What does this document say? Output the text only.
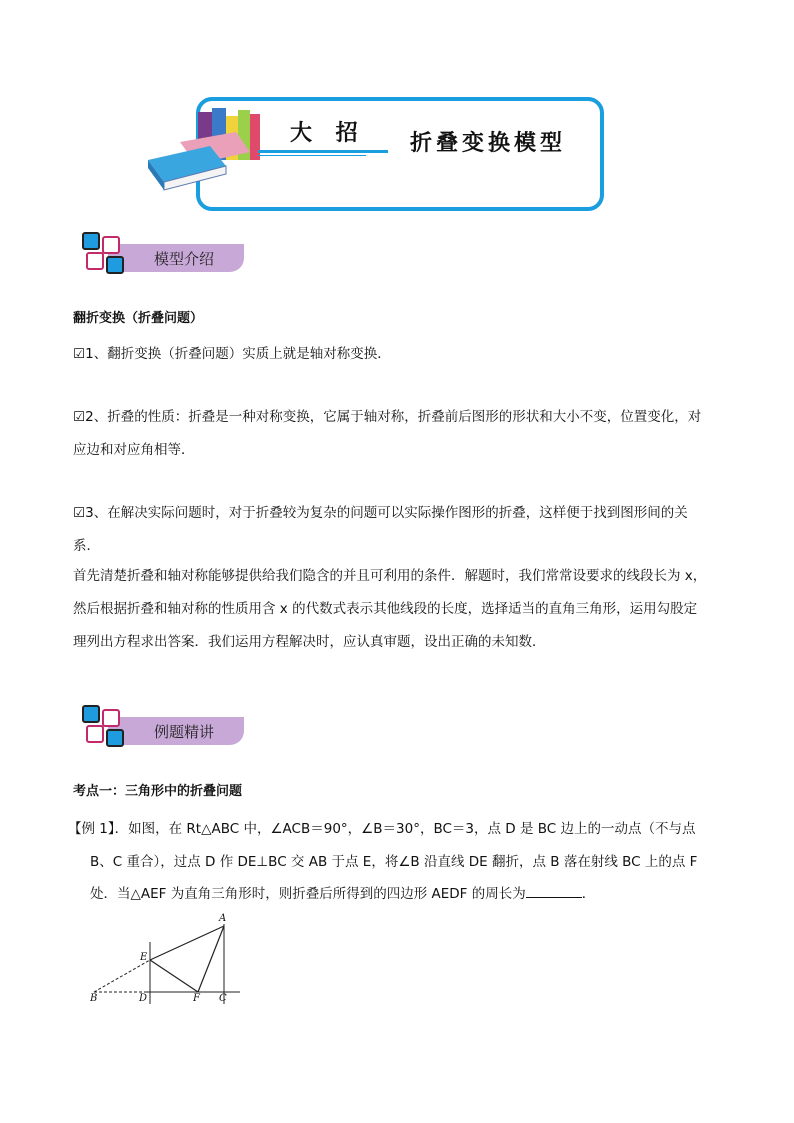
大 招 折叠变换模型
模型介绍
翻折变换（折叠问题）
☑1、翻折变换（折叠问题）实质上就是轴对称变换．
☑2、折叠的性质：折叠是一种对称变换，它属于轴对称，折叠前后图形的形状和大小不变，位置变化，对
应边和对应角相等．
☑3、在解决实际问题时，对于折叠较为复杂的问题可以实际操作图形的折叠，这样便于找到图形间的关
系．
首先清楚折叠和轴对称能够提供给我们隐含的并且可利用的条件．解题时，我们常常设要求的线段长为 x，
然后根据折叠和轴对称的性质用含 x 的代数式表示其他线段的长度，选择适当的直角三角形，运用勾股定
理列出方程求出答案．我们运用方程解决时，应认真审题，设出正确的未知数．
例题精讲
考点一：三角形中的折叠问题
【例 1】．如图，在 Rt△ABC 中，∠ACB＝90°，∠B＝30°，BC＝3，点 D 是 BC 边上的一动点（不与点
B、C 重合），过点 D 作 DE⊥BC 交 AB 于点 E，将∠B 沿直线 DE 翻折，点 B 落在射线 BC 上的点 F
处．当△AEF 为直角三角形时，则折叠后所得到的四边形 AEDF 的周长为	．
A
E
B	D	F C
